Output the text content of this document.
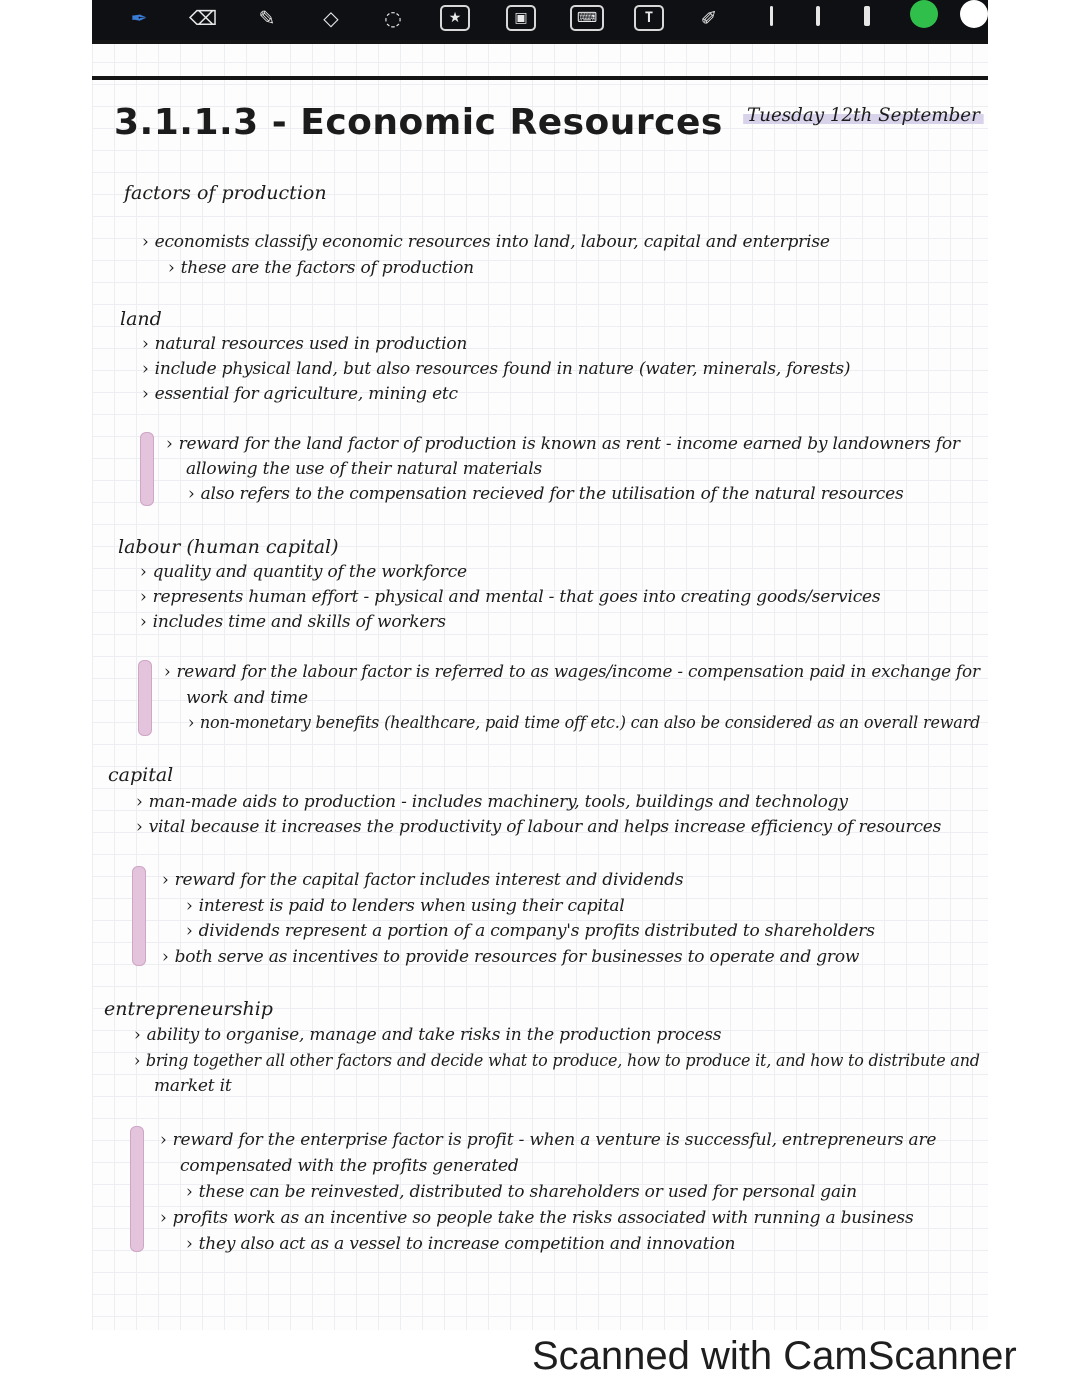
✒	⌫	✎	◇	◌	★	▣	⌨	T	✐
3.1.1.3 - Economic Resources Tuesday 12th September
factors of production
› economists classify economic resources into land, labour, capital and enterprise
› these are the factors of production
land
› natural resources used in production
› include physical land, but also resources found in nature (water, minerals, forests)
› essential for agriculture, mining etc
› reward for the land factor of production is known as rent - income earned by landowners for
allowing the use of their natural materials
› also refers to the compensation recieved for the utilisation of the natural resources
labour (human capital)
› quality and quantity of the workforce
› represents human effort - physical and mental - that goes into creating goods/services
› includes time and skills of workers
› reward for the labour factor is referred to as wages/income - compensation paid in exchange for
work and time
› non-monetary benefits (healthcare, paid time off etc.) can also be considered as an overall reward
capital
› man-made aids to production - includes machinery, tools, buildings and technology
› vital because it increases the productivity of labour and helps increase efficiency of resources
› reward for the capital factor includes interest and dividends
› interest is paid to lenders when using their capital
› dividends represent a portion of a company's profits distributed to shareholders
› both serve as incentives to provide resources for businesses to operate and grow
entrepreneurship
› ability to organise, manage and take risks in the production process
› bring together all other factors and decide what to produce, how to produce it, and how to distribute and
market it
› reward for the enterprise factor is profit - when a venture is successful, entrepreneurs are
compensated with the profits generated
› these can be reinvested, distributed to shareholders or used for personal gain
› profits work as an incentive so people take the risks associated with running a business
› they also act as a vessel to increase competition and innovation
Scanned with CamScanner
